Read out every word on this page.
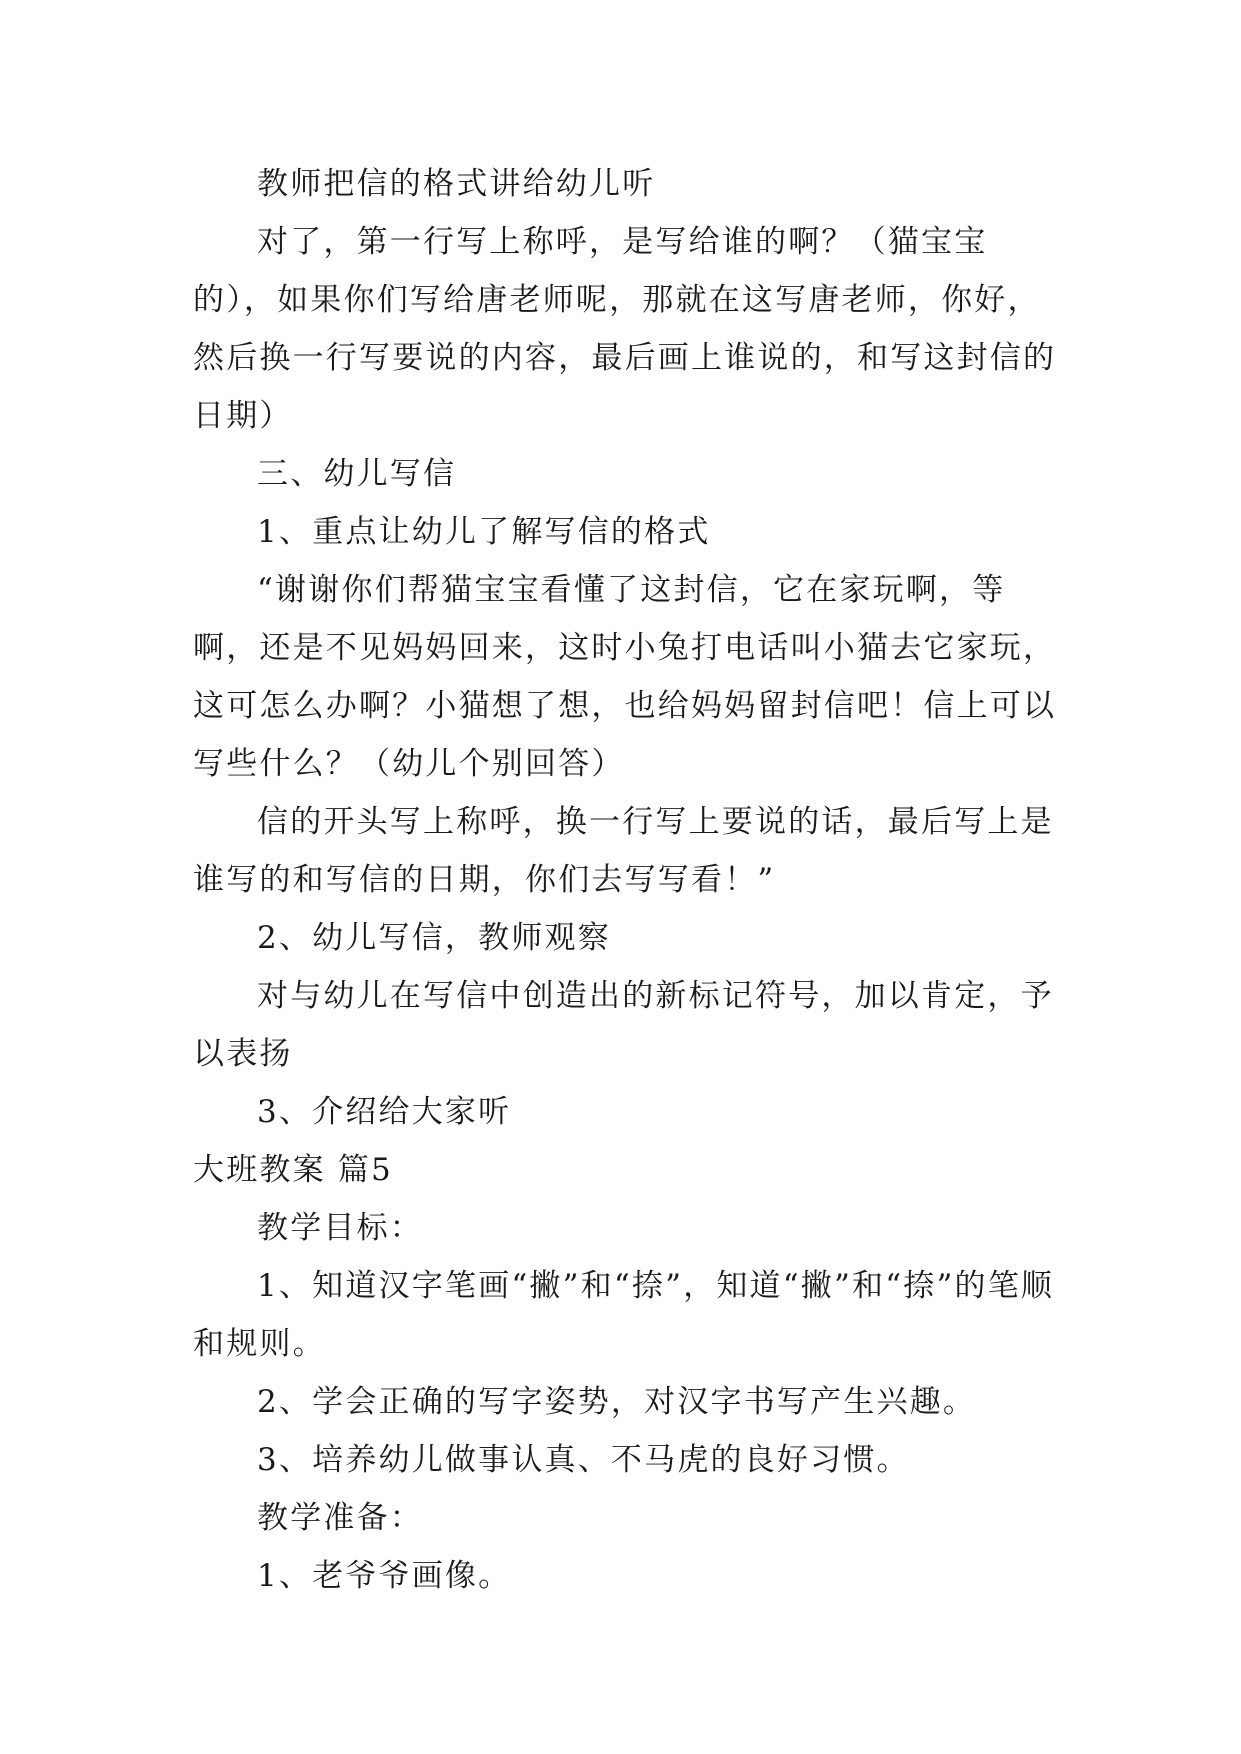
教师把信的格式讲给幼儿听

对了，第一行写上称呼，是写给谁的啊？（猫宝宝的），如果你们写给唐老师呢，那就在这写唐老师，你好，然后换一行写要说的内容，最后画上谁说的，和写这封信的日期）

三、幼儿写信

1、重点让幼儿了解写信的格式

“谢谢你们帮猫宝宝看懂了这封信，它在家玩啊，等啊，还是不见妈妈回来，这时小兔打电话叫小猫去它家玩，这可怎么办啊？小猫想了想，也给妈妈留封信吧！信上可以写些什么？（幼儿个别回答）

信的开头写上称呼，换一行写上要说的话，最后写上是谁写的和写信的日期，你们去写写看！”

2、幼儿写信，教师观察

对与幼儿在写信中创造出的新标记符号，加以肯定，予以表扬

3、介绍给大家听

大班教案 篇5

教学目标：

1、知道汉字笔画“撇”和“捺”，知道“撇”和“捺”的笔顺和规则。

2、学会正确的写字姿势，对汉字书写产生兴趣。

3、培养幼儿做事认真、不马虎的良好习惯。

教学准备：

1、老爷爷画像。
